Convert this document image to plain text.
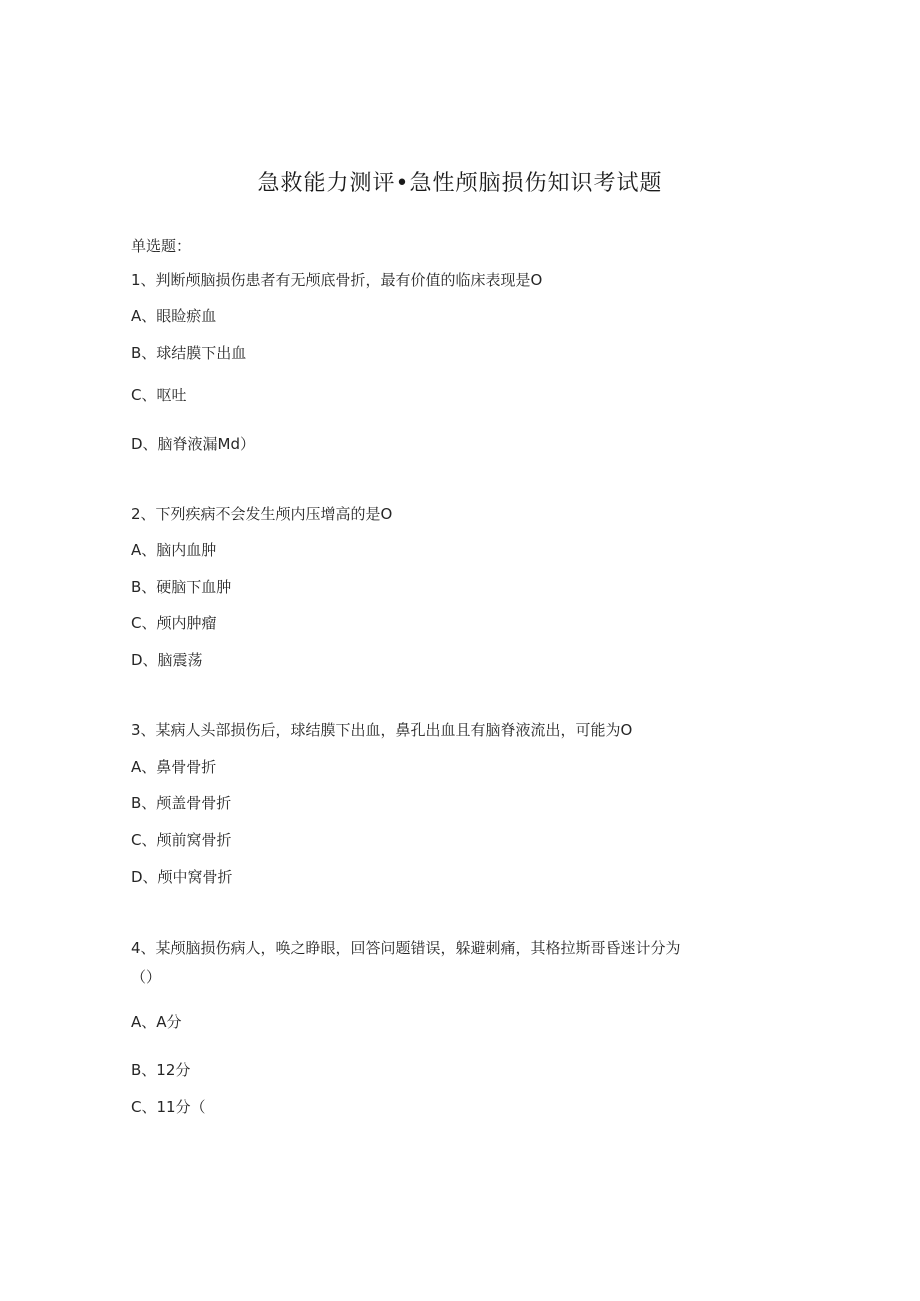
急救能力测评•急性颅脑损伤知识考试题
单选题：
1、判断颅脑损伤患者有无颅底骨折，最有价值的临床表现是O
A、眼睑瘀血
B、球结膜下出血
C、呕吐
D、脑脊液漏Md）
2、下列疾病不会发生颅内压增高的是O
A、脑内血肿
B、硬脑下血肿
C、颅内肿瘤
D、脑震荡
3、某病人头部损伤后，球结膜下出血，鼻孔出血且有脑脊液流出，可能为O
A、鼻骨骨折
B、颅盖骨骨折
C、颅前窝骨折
D、颅中窝骨折
4、某颅脑损伤病人，唤之睁眼，回答问题错误，躲避刺痛，其格拉斯哥昏迷计分为
（）
A、A分
B、12分
C、11分（
